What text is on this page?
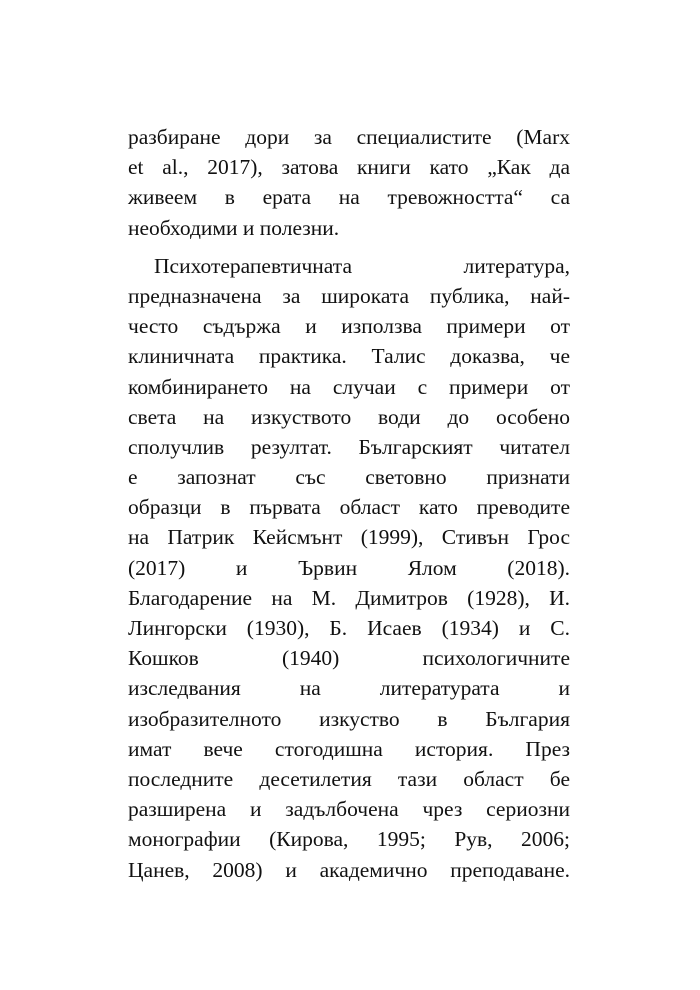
разбиране дори за специалистите (Marx
et al., 2017), затова книги като „Как да
живеем в ерата на тревожността“ са
необходими и полезни.

Психотерапевтичната литература,
предназначена за широката публика, най-
често съдържа и използва примери от
клиничната практика. Талис доказва, че
комбинирането на случаи с примери от
света на изкуството води до особено
сполучлив резултат. Българският читател
е запознат със световно признати
образци в първата област като преводите
на Патрик Кейсмънт (1999), Стивън Грос
(2017) и Ървин Ялом (2018).
Благодарение на М. Димитров (1928), И.
Лингорски (1930), Б. Исаев (1934) и С.
Кошков (1940) психологичните
изследвания на литературата и
изобразителното изкуство в България
имат вече стогодишна история. През
последните десетилетия тази област бе
разширена и задълбочена чрез сериозни
монографии (Кирова, 1995; Рув, 2006;
Цанев, 2008) и академично преподаване.
